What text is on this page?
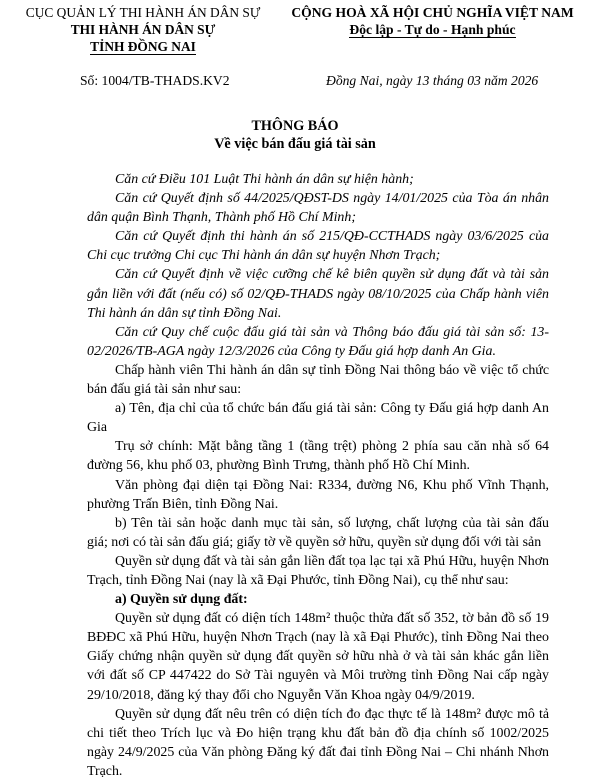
CỤC QUẢN LÝ THI HÀNH ÁN DÂN SỰ
THI HÀNH ÁN DÂN SỰ
TỈNH ĐỒNG NAI
CỘNG HOÀ XÃ HỘI CHỦ NGHĨA VIỆT NAM
Độc lập - Tự do - Hạnh phúc
Số: 1004/TB-THADS.KV2	Đồng Nai, ngày 13 tháng 03 năm 2026
THÔNG BÁO
Về việc bán đấu giá tài sản

Căn cứ Điều 101 Luật Thi hành án dân sự hiện hành;

Căn cứ Quyết định số 44/2025/QĐST-DS ngày 14/01/2025 của Tòa án nhân dân quận Bình Thạnh, Thành phố Hồ Chí Minh;

Căn cứ Quyết định thi hành án số 215/QĐ-CCTHADS ngày 03/6/2025 của Chi cục trưởng Chi cục Thi hành án dân sự huyện Nhơn Trạch;

Căn cứ Quyết định về việc cưỡng chế kê biên quyền sử dụng đất và tài sản gắn liền với đất (nếu có) số 02/QĐ-THADS ngày 08/10/2025 của Chấp hành viên Thi hành án dân sự tỉnh Đồng Nai.

Căn cứ Quy chế cuộc đấu giá tài sản và Thông báo đấu giá tài sản số: 13-02/2026/TB-AGA ngày 12/3/2026 của Công ty Đấu giá hợp danh An Gia.

Chấp hành viên Thi hành án dân sự tỉnh Đồng Nai thông báo về việc tổ chức bán đấu giá tài sản như sau:

a) Tên, địa chỉ của tổ chức bán đấu giá tài sản: Công ty Đấu giá hợp danh An Gia

Trụ sở chính: Mặt bằng tầng 1 (tầng trệt) phòng 2 phía sau căn nhà số 64 đường 56, khu phố 03, phường Bình Trưng, thành phố Hồ Chí Minh.

Văn phòng đại diện tại Đồng Nai: R334, đường N6, Khu phố Vĩnh Thạnh, phường Trấn Biên, tỉnh Đồng Nai.

b) Tên tài sản hoặc danh mục tài sản, số lượng, chất lượng của tài sản đấu giá; nơi có tài sản đấu giá; giấy tờ về quyền sở hữu, quyền sử dụng đối với tài sản

Quyền sử dụng đất và tài sản gắn liền đất tọa lạc tại xã Phú Hữu, huyện Nhơn Trạch, tỉnh Đồng Nai (nay là xã Đại Phước, tỉnh Đồng Nai), cụ thể như sau:

a) Quyền sử dụng đất:

Quyền sử dụng đất có diện tích 148m² thuộc thửa đất số 352, tờ bản đồ số 19 BĐĐC xã Phú Hữu, huyện Nhơn Trạch (nay là xã Đại Phước), tỉnh Đồng Nai theo Giấy chứng nhận quyền sử dụng đất quyền sở hữu nhà ở và tài sản khác gắn liền với đất số CP 447422 do Sở Tài nguyên và Môi trường tỉnh Đồng Nai cấp ngày 29/10/2018, đăng ký thay đổi cho Nguyễn Văn Khoa ngày 04/9/2019.

Quyền sử dụng đất nêu trên có diện tích đo đạc thực tế là 148m² được mô tả chi tiết theo Trích lục và Đo hiện trạng khu đất bản đồ địa chính số 1002/2025 ngày 24/9/2025 của Văn phòng Đăng ký đất đai tỉnh Đồng Nai – Chi nhánh Nhơn Trạch.
